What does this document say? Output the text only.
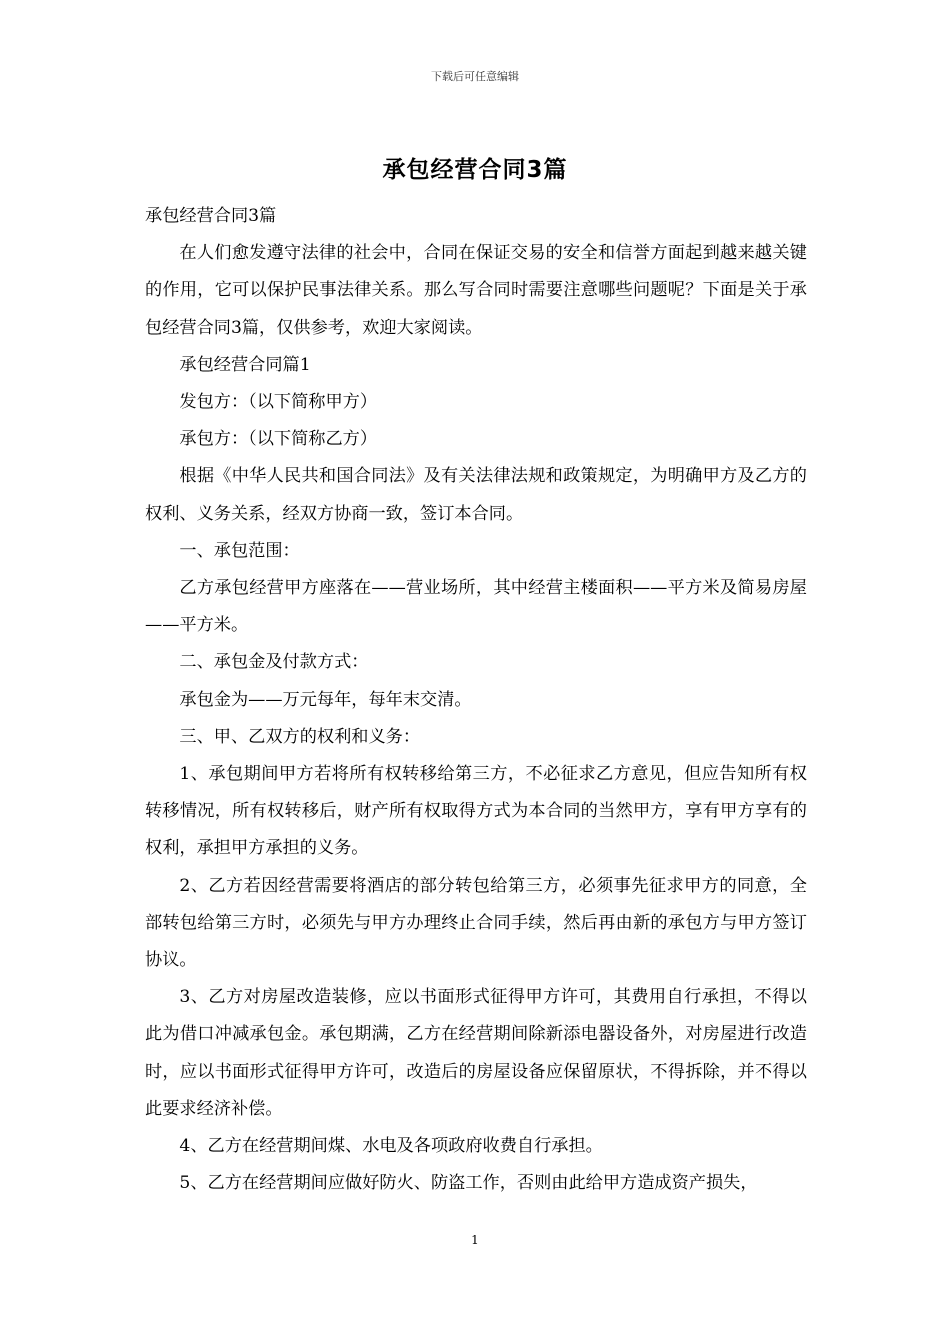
下载后可任意编辑
承包经营合同3篇

承包经营合同3篇

在人们愈发遵守法律的社会中，合同在保证交易的安全和信誉方面起到越来越关键的作用，它可以保护民事法律关系。那么写合同时需要注意哪些问题呢？下面是关于承包经营合同3篇，仅供参考，欢迎大家阅读。

承包经营合同篇1

发包方：（以下简称甲方）

承包方：（以下简称乙方）

根据《中华人民共和国合同法》及有关法律法规和政策规定，为明确甲方及乙方的权利、义务关系，经双方协商一致，签订本合同。

一、承包范围：

乙方承包经营甲方座落在——营业场所，其中经营主楼面积——平方米及简易房屋——平方米。

二、承包金及付款方式：

承包金为——万元每年，每年末交清。

三、甲、乙双方的权利和义务：

1、承包期间甲方若将所有权转移给第三方，不必征求乙方意见，但应告知所有权转移情况，所有权转移后，财产所有权取得方式为本合同的当然甲方，享有甲方享有的权利，承担甲方承担的义务。

2、乙方若因经营需要将酒店的部分转包给第三方，必须事先征求甲方的同意，全部转包给第三方时，必须先与甲方办理终止合同手续，然后再由新的承包方与甲方签订协议。

3、乙方对房屋改造装修，应以书面形式征得甲方许可，其费用自行承担，不得以此为借口冲减承包金。承包期满，乙方在经营期间除新添电器设备外，对房屋进行改造时，应以书面形式征得甲方许可，改造后的房屋设备应保留原状，不得拆除，并不得以此要求经济补偿。

4、乙方在经营期间煤、水电及各项政府收费自行承担。

5、乙方在经营期间应做好防火、防盗工作，否则由此给甲方造成资产损失，

1
